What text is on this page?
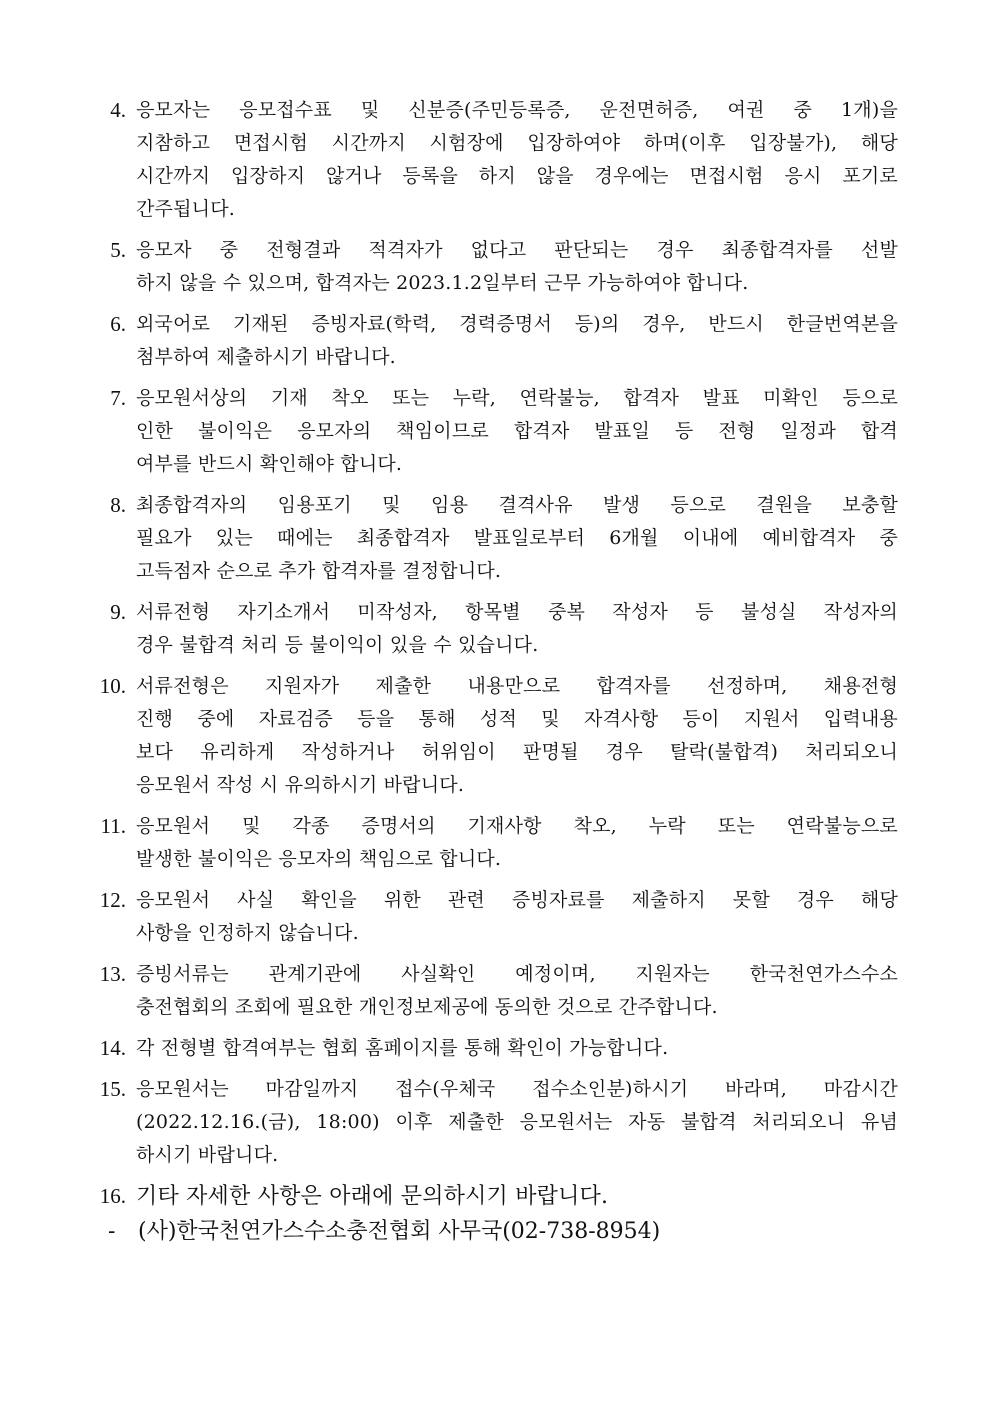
4. 응모자는 응모접수표 및 신분증(주민등록증, 운전면허증, 여권 중 1개)을
지참하고 면접시험 시간까지 시험장에 입장하여야 하며(이후 입장불가), 해당
시간까지 입장하지 않거나 등록을 하지 않을 경우에는 면접시험 응시 포기로
간주됩니다.
5. 응모자 중 전형결과 적격자가 없다고 판단되는 경우 최종합격자를 선발
하지 않을 수 있으며, 합격자는 2023.1.2일부터 근무 가능하여야 합니다.
6. 외국어로 기재된 증빙자료(학력, 경력증명서 등)의 경우, 반드시 한글번역본을
첨부하여 제출하시기 바랍니다.
7. 응모원서상의 기재 착오 또는 누락, 연락불능, 합격자 발표 미확인 등으로
인한 불이익은 응모자의 책임이므로 합격자 발표일 등 전형 일정과 합격
여부를 반드시 확인해야 합니다.
8. 최종합격자의 임용포기 및 임용 결격사유 발생 등으로 결원을 보충할
필요가 있는 때에는 최종합격자 발표일로부터 6개월 이내에 예비합격자 중
고득점자 순으로 추가 합격자를 결정합니다.
9. 서류전형 자기소개서 미작성자, 항목별 중복 작성자 등 불성실 작성자의
경우 불합격 처리 등 불이익이 있을 수 있습니다.
10. 서류전형은 지원자가 제출한 내용만으로 합격자를 선정하며, 채용전형
진행 중에 자료검증 등을 통해 성적 및 자격사항 등이 지원서 입력내용
보다 유리하게 작성하거나 허위임이 판명될 경우 탈락(불합격) 처리되오니
응모원서 작성 시 유의하시기 바랍니다.
11. 응모원서 및 각종 증명서의 기재사항 착오, 누락 또는 연락불능으로
발생한 불이익은 응모자의 책임으로 합니다.
12. 응모원서 사실 확인을 위한 관련 증빙자료를 제출하지 못할 경우 해당
사항을 인정하지 않습니다.
13. 증빙서류는 관계기관에 사실확인 예정이며, 지원자는 한국천연가스수소
충전협회의 조회에 필요한 개인정보제공에 동의한 것으로 간주합니다.
14. 각 전형별 합격여부는 협회 홈페이지를 통해 확인이 가능합니다.
15. 응모원서는 마감일까지 접수(우체국 접수소인분)하시기 바라며, 마감시간
(2022.12.16.(금), 18:00) 이후 제출한 응모원서는 자동 불합격 처리되오니 유념
하시기 바랍니다.
16. 기타 자세한 사항은 아래에 문의하시기 바랍니다.
- (사)한국천연가스수소충전협회 사무국(02-738-8954)
